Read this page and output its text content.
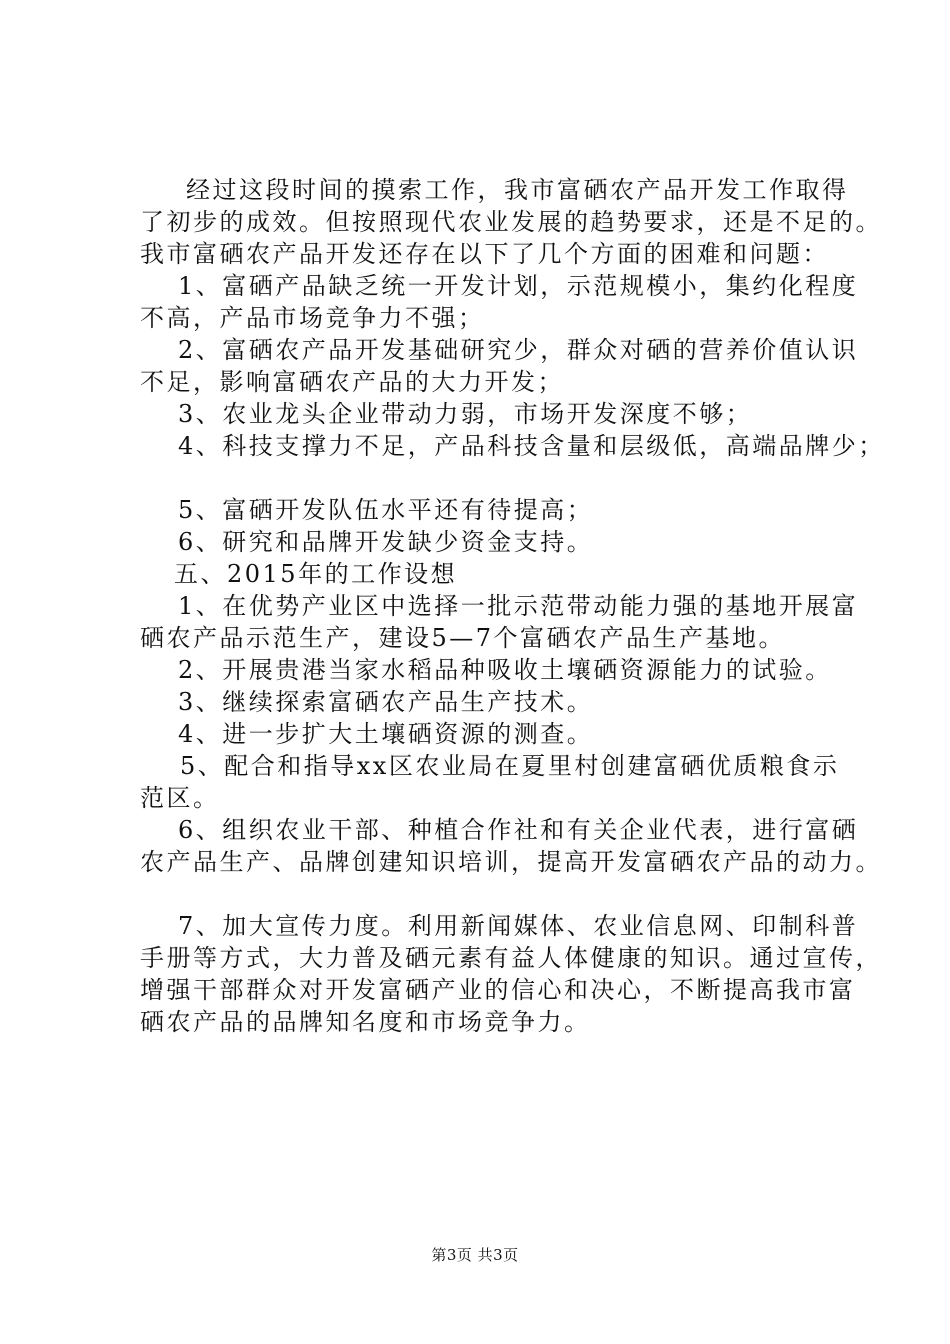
经过这段时间的摸索工作，我市富硒农产品开发工作取得
了初步的成效。但按照现代农业发展的趋势要求，还是不足的。
我市富硒农产品开发还存在以下了几个方面的困难和问题：
1、富硒产品缺乏统一开发计划，示范规模小，集约化程度
不高，产品市场竞争力不强；
2、富硒农产品开发基础研究少，群众对硒的营养价值认识
不足，影响富硒农产品的大力开发；
3、农业龙头企业带动力弱，市场开发深度不够；
4、科技支撑力不足，产品科技含量和层级低，高端品牌少；
5、富硒开发队伍水平还有待提高；
6、研究和品牌开发缺少资金支持。
五、2015年的工作设想
1、在优势产业区中选择一批示范带动能力强的基地开展富
硒农产品示范生产，建设5—7个富硒农产品生产基地。
2、开展贵港当家水稻品种吸收土壤硒资源能力的试验。
3、继续探索富硒农产品生产技术。
4、进一步扩大土壤硒资源的测查。
5、配合和指导xx区农业局在夏里村创建富硒优质粮食示
范区。
6、组织农业干部、种植合作社和有关企业代表，进行富硒
农产品生产、品牌创建知识培训，提高开发富硒农产品的动力。
7、加大宣传力度。利用新闻媒体、农业信息网、印制科普
手册等方式，大力普及硒元素有益人体健康的知识。通过宣传，
增强干部群众对开发富硒产业的信心和决心，不断提高我市富
硒农产品的品牌知名度和市场竞争力。
第3页 共3页
